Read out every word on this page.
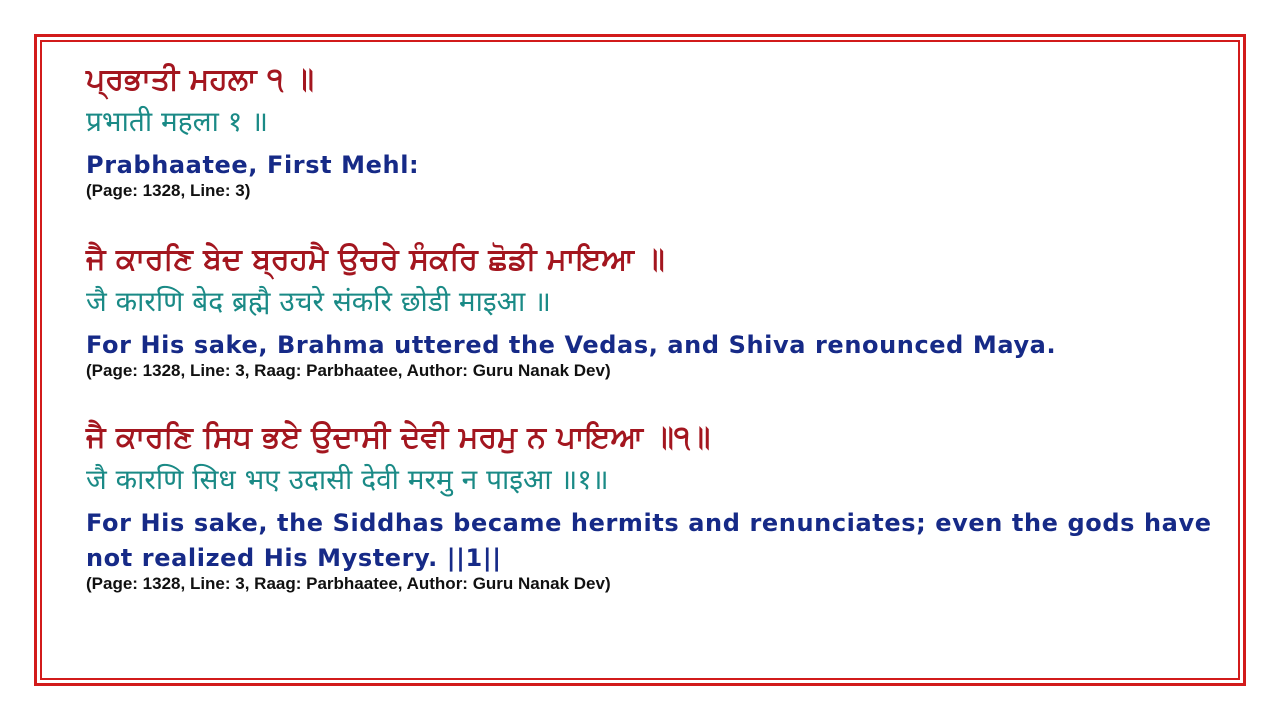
ਪ੍ਰਭਾਤੀ ਮਹਲਾ ੧ ॥
प्रभाती महला १ ॥
Prabhaatee, First Mehl:
(Page: 1328, Line: 3)
ਜੈ ਕਾਰਣਿ ਬੇਦ ਬ੍ਰਹਮੈ ਉਚਰੇ ਸੰਕਰਿ ਛੋਡੀ ਮਾਇਆ ॥
जै कारणि बेद ब्रह्मै उचरे संकरि छोडी माइआ ॥
For His sake, Brahma uttered the Vedas, and Shiva renounced Maya.
(Page: 1328, Line: 3, Raag: Parbhaatee, Author: Guru Nanak Dev)
ਜੈ ਕਾਰਣਿ ਸਿਧ ਭਏ ਉਦਾਸੀ ਦੇਵੀ ਮਰਮੁ ਨ ਪਾਇਆ ॥੧॥
जै कारणि सिध भए उदासी देवी मरमु न पाइआ ॥१॥
For His sake, the Siddhas became hermits and renunciates; even the gods have not realized His Mystery. ||1||
(Page: 1328, Line: 3, Raag: Parbhaatee, Author: Guru Nanak Dev)
